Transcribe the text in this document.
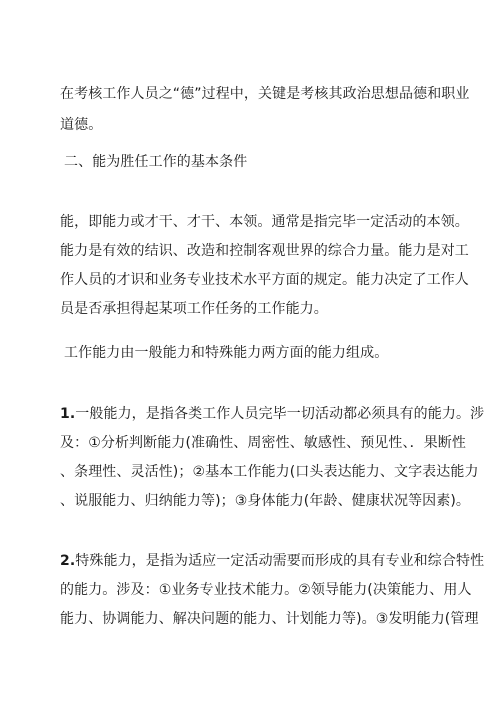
在考核工作人员之“德”过程中，关键是考核其政治思想品德和职业
道德。
二、能为胜任工作的基本条件
能，即能力或才干、才干、本领。通常是指完毕一定活动的本领。
能力是有效的结识、改造和控制客观世界的综合力量。能力是对工
作人员的才识和业务专业技术水平方面的规定。能力决定了工作人
员是否承担得起某项工作任务的工作能力。
工作能力由一般能力和特殊能力两方面的能力组成。
1.一般能力，是指各类工作人员完毕一切活动都必须具有的能力。涉
及：①分析判断能力(准确性、周密性、敏感性、预见性、．果断性
、条理性、灵活性)；②基本工作能力(口头表达能力、文字表达能力
、说服能力、归纳能力等)；③身体能力(年龄、健康状况等因素)。
2.特殊能力，是指为适应一定活动需要而形成的具有专业和综合特性
的能力。涉及：①业务专业技术能力。②领导能力(决策能力、用人
能力、协调能力、解决问题的能力、计划能力等)。③发明能力(管理
